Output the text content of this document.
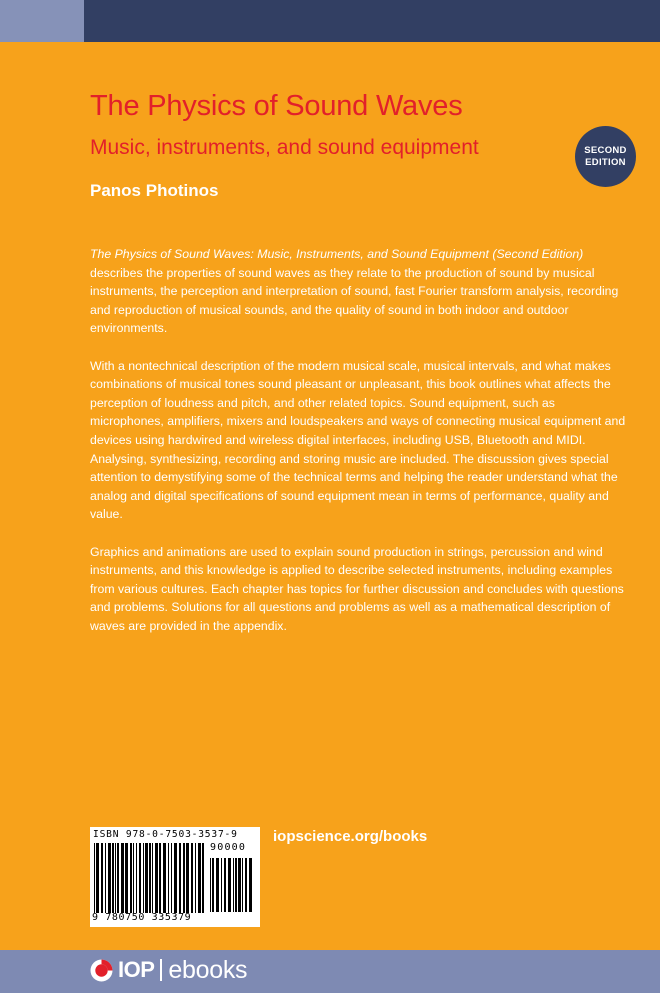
The Physics of Sound Waves
Music, instruments, and sound equipment
Panos Photinos
SECOND
EDITION

The Physics of Sound Waves: Music, Instruments, and Sound Equipment (Second Edition) describes the properties of sound waves as they relate to the production of sound by musical instruments, the perception and interpretation of sound, fast Fourier transform analysis, recording and reproduction of musical sounds, and the quality of sound in both indoor and outdoor environments.

With a nontechnical description of the modern musical scale, musical intervals, and what makes combinations of musical tones sound pleasant or unpleasant, this book outlines what affects the perception of loudness and pitch, and other related topics. Sound equipment, such as microphones, amplifiers, mixers and loudspeakers and ways of connecting musical equipment and devices using hardwired and wireless digital interfaces, including USB, Bluetooth and MIDI. Analysing, synthesizing, recording and storing music are included. The discussion gives special attention to demystifying some of the technical terms and helping the reader understand what the analog and digital specifications of sound equipment mean in terms of performance, quality and value.

Graphics and animations are used to explain sound production in strings, percussion and wind instruments, and this knowledge is applied to describe selected instruments, including examples from various cultures. Each chapter has topics for further discussion and concludes with questions and problems. Solutions for all questions and problems as well as a mathematical description of waves are provided in the appendix.

ISBN 978-0-7503-3537-9
90000
9 780750 335379
iopscience.org/books
IOP ebooks
